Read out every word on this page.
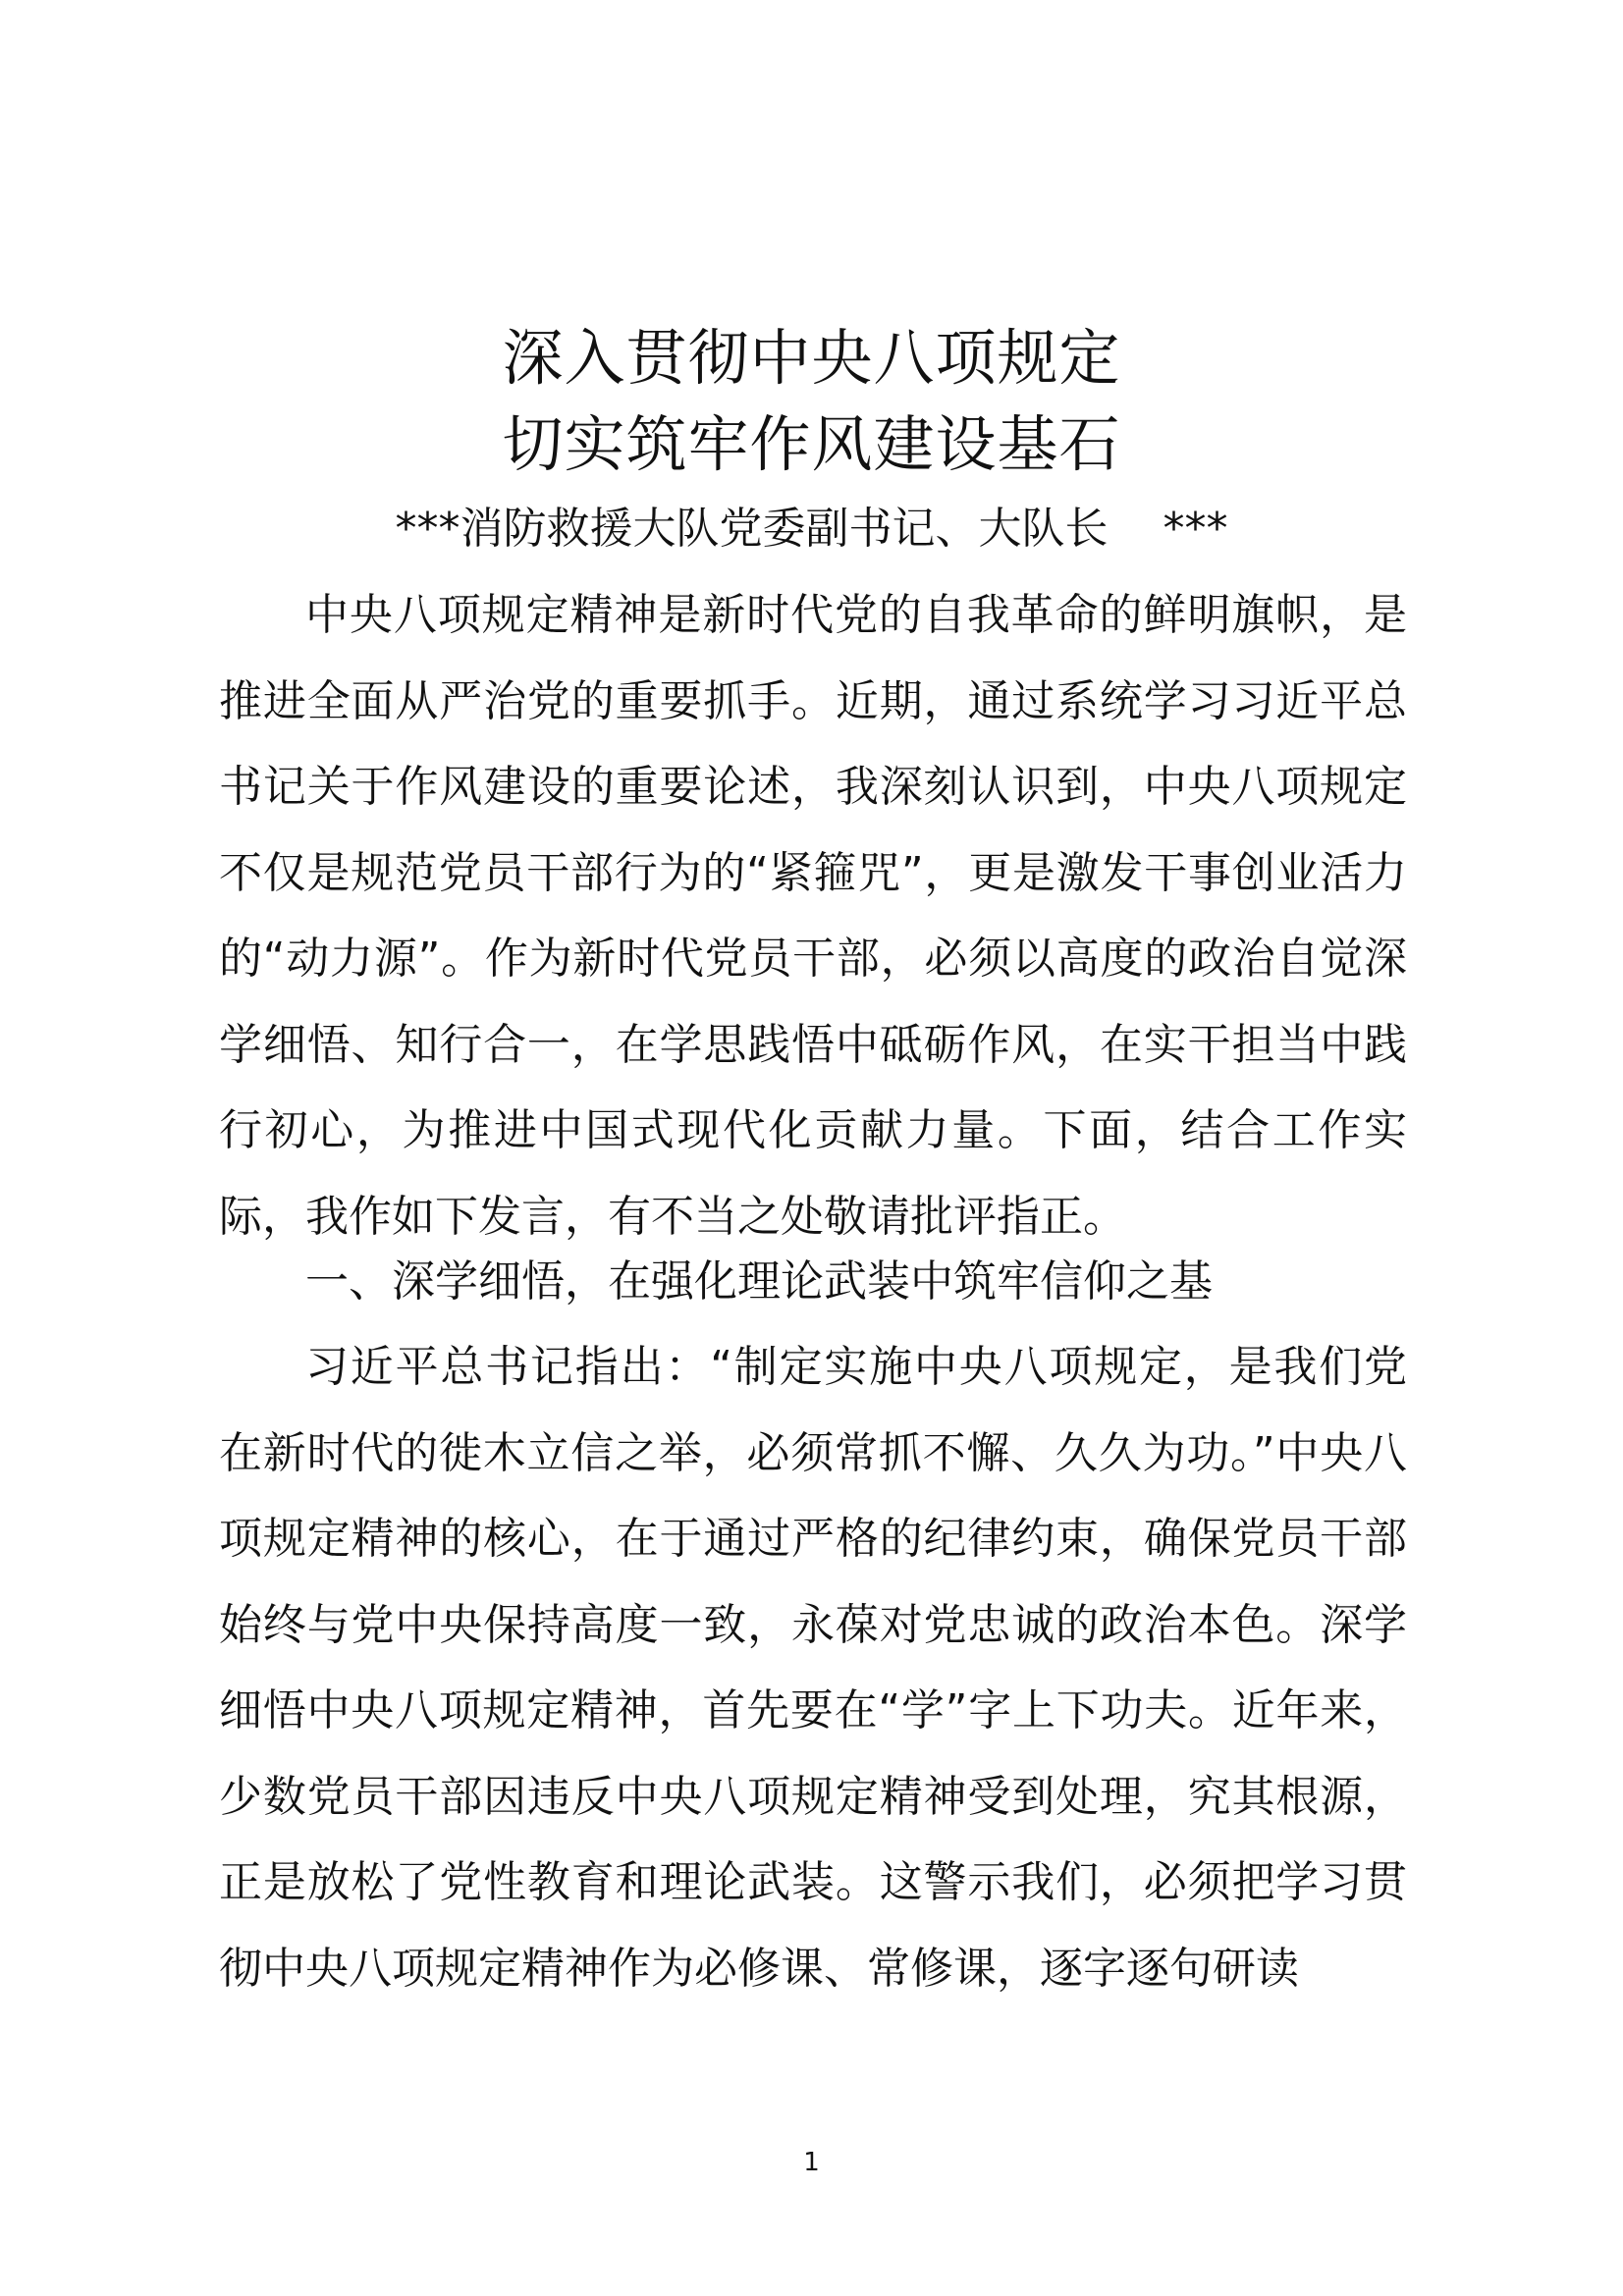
深入贯彻中央八项规定
切实筑牢作风建设基石
***消防救援大队党委副书记、大队长    ***

中央八项规定精神是新时代党的自我革命的鲜明旗帜，是推进全面从严治党的重要抓手。近期，通过系统学习习近平总书记关于作风建设的重要论述，我深刻认识到，中央八项规定不仅是规范党员干部行为的“紧箍咒”，更是激发干事创业活力的“动力源”。作为新时代党员干部，必须以高度的政治自觉深学细悟、知行合一，在学思践悟中砥砺作风，在实干担当中践行初心，为推进中国式现代化贡献力量。下面，结合工作实际，我作如下发言，有不当之处敬请批评指正。

一、深学细悟，在强化理论武装中筑牢信仰之基

习近平总书记指出：“制定实施中央八项规定，是我们党在新时代的徙木立信之举，必须常抓不懈、久久为功。”中央八项规定精神的核心，在于通过严格的纪律约束，确保党员干部始终与党中央保持高度一致，永葆对党忠诚的政治本色。深学细悟中央八项规定精神，首先要在“学”字上下功夫。近年来，少数党员干部因违反中央八项规定精神受到处理，究其根源，正是放松了党性教育和理论武装。这警示我们，必须把学习贯彻中央八项规定精神作为必修课、常修课，逐字逐句研读

1
